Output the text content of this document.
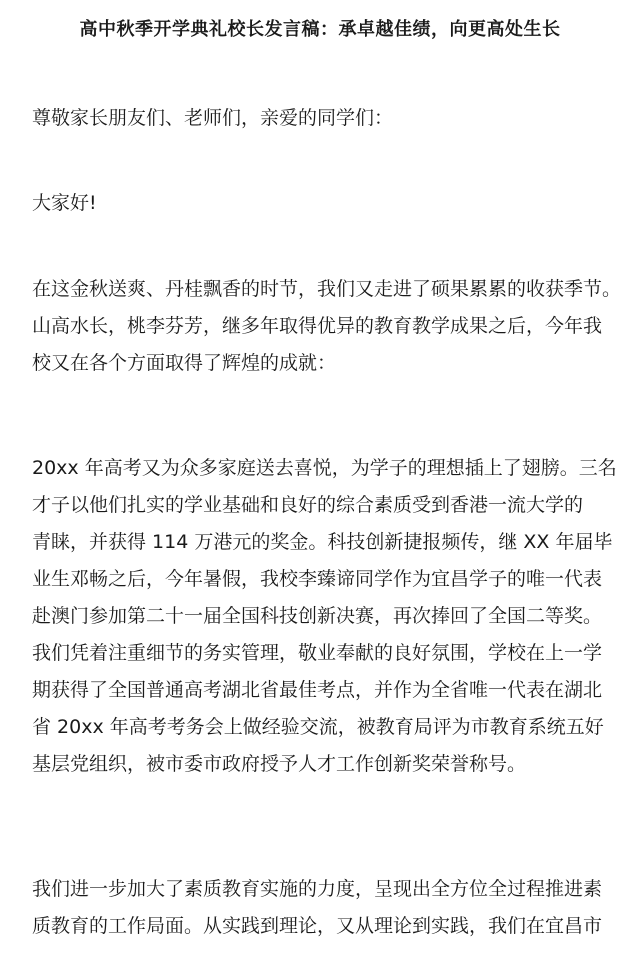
高中秋季开学典礼校长发言稿：承卓越佳绩，向更高处生长
尊敬家长朋友们、老师们，亲爱的同学们：
大家好!
在这金秋送爽、丹桂飘香的时节，我们又走进了硕果累累的收获季节。
山高水长，桃李芬芳，继多年取得优异的教育教学成果之后，今年我
校又在各个方面取得了辉煌的成就：
20xx 年高考又为众多家庭送去喜悦，为学子的理想插上了翅膀。三名
才子以他们扎实的学业基础和良好的综合素质受到香港一流大学的
青睐，并获得 114 万港元的奖金。科技创新捷报频传，继 XX 年届毕
业生邓畅之后，今年暑假，我校李臻谛同学作为宜昌学子的唯一代表
赴澳门参加第二十一届全国科技创新决赛，再次捧回了全国二等奖。
我们凭着注重细节的务实管理，敬业奉献的良好氛围，学校在上一学
期获得了全国普通高考湖北省最佳考点，并作为全省唯一代表在湖北
省 20xx 年高考考务会上做经验交流，被教育局评为市教育系统五好
基层党组织，被市委市政府授予人才工作创新奖荣誉称号。
我们进一步加大了素质教育实施的力度，呈现出全方位全过程推进素
质教育的工作局面。从实践到理论，又从理论到实践，我们在宜昌市
